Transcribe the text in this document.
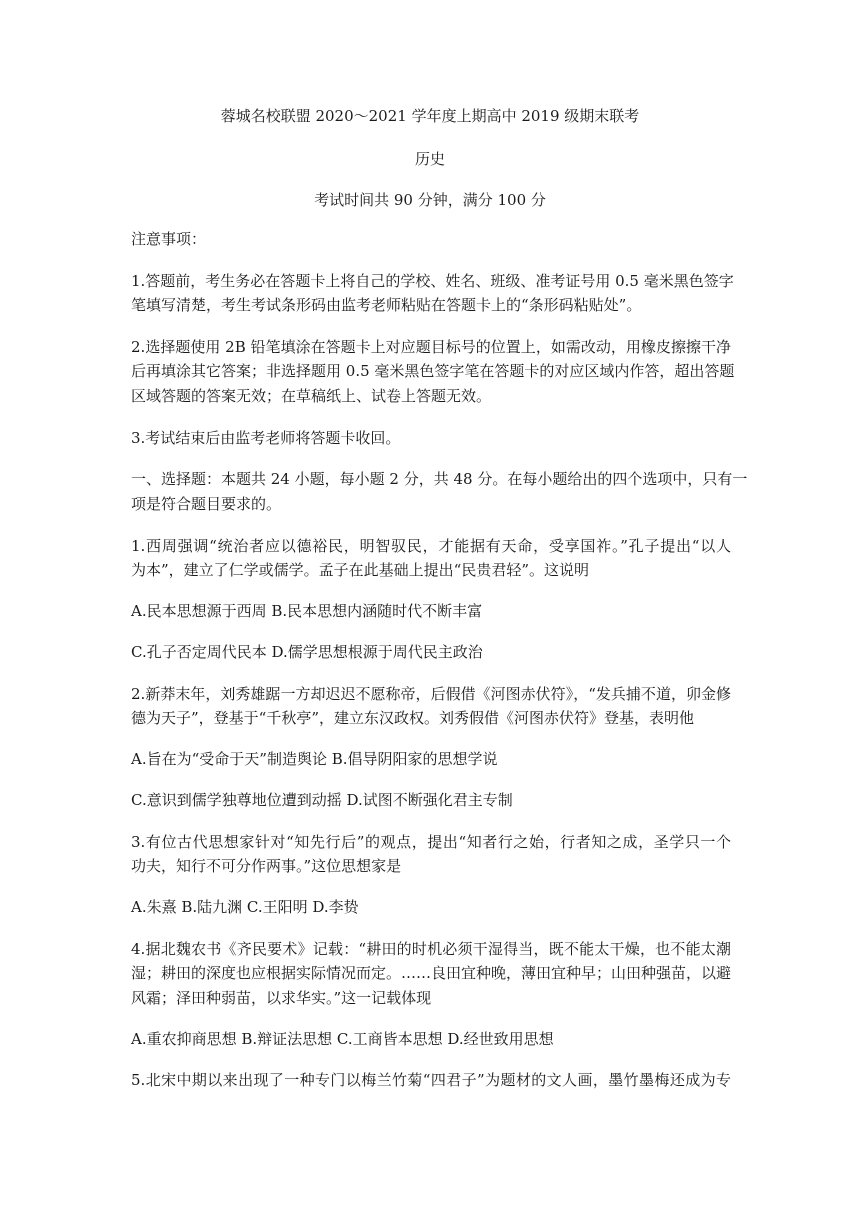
蓉城名校联盟 2020～2021 学年度上期高中 2019 级期末联考
历史
考试时间共 90 分钟，满分 100 分
注意事项：
1.答题前，考生务必在答题卡上将自己的学校、姓名、班级、准考证号用 0.5 毫米黑色签字
笔填写清楚，考生考试条形码由监考老师粘贴在答题卡上的“条形码粘贴处”。
2.选择题使用 2B 铅笔填涂在答题卡上对应题目标号的位置上，如需改动，用橡皮擦擦干净
后再填涂其它答案；非选择题用 0.5 毫米黑色签字笔在答题卡的对应区域内作答，超出答题
区域答题的答案无效；在草稿纸上、试卷上答题无效。
3.考试结束后由监考老师将答题卡收回。
一、选择题：本题共 24 小题，每小题 2 分，共 48 分。在每小题给出的四个选项中，只有一
项是符合题目要求的。
1.西周强调“统治者应以德裕民，明智驭民，才能据有天命，受享国祚。”孔子提出“以人
为本”，建立了仁学或儒学。孟子在此基础上提出“民贵君轻”。这说明
A.民本思想源于西周 B.民本思想内涵随时代不断丰富
C.孔子否定周代民本 D.儒学思想根源于周代民主政治
2.新莽末年，刘秀雄踞一方却迟迟不愿称帝，后假借《河图赤伏符》，“发兵捕不道，卯金修
德为天子”，登基于“千秋亭”，建立东汉政权。刘秀假借《河图赤伏符》登基，表明他
A.旨在为“受命于天”制造舆论 B.倡导阴阳家的思想学说
C.意识到儒学独尊地位遭到动摇 D.试图不断强化君主专制
3.有位古代思想家针对“知先行后”的观点，提出“知者行之始，行者知之成，圣学只一个
功夫，知行不可分作两事。”这位思想家是
A.朱熹 B.陆九渊 C.王阳明 D.李贽
4.据北魏农书《齐民要术》记载：“耕田的时机必须干湿得当，既不能太干燥，也不能太潮
湿；耕田的深度也应根据实际情况而定。……良田宜种晚，薄田宜种早；山田种强苗，以避
风霜；泽田种弱苗，以求华实。”这一记载体现
A.重农抑商思想 B.辩证法思想 C.工商皆本思想 D.经世致用思想
5.北宋中期以来出现了一种专门以梅兰竹菊“四君子”为题材的文人画，墨竹墨梅还成为专
